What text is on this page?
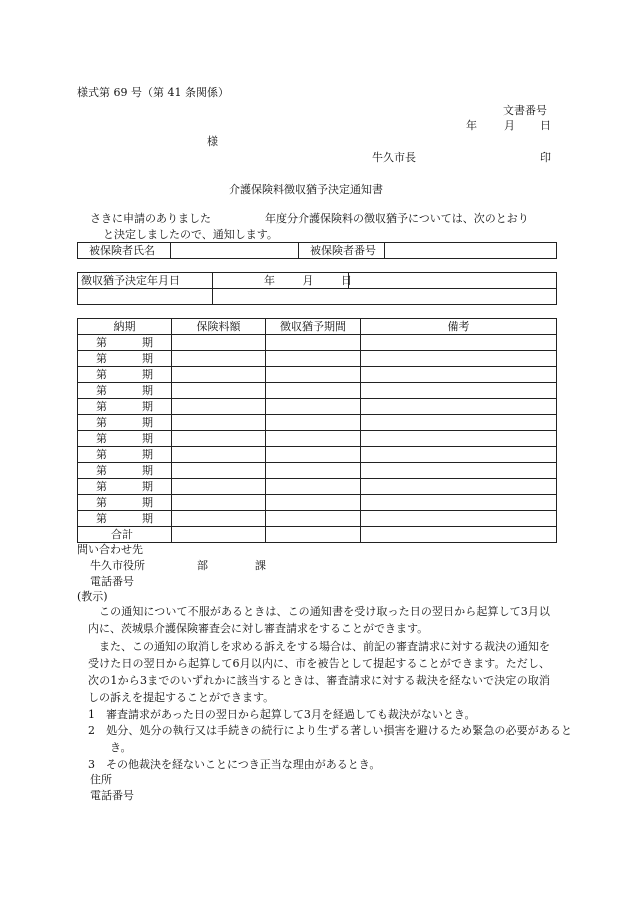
様式第 69 号（第 41 条関係）
文書番号
年 月 日
様
牛久市長	印
介護保険料徴収猶予決定通知書
さきに申請のありました	年度分介護保険料の徴収猶予については、次のとおり
と決定しましたので、通知します。
被保険者氏名		被保険者番号	
徴収猶予決定年月日	年 月 日	

納期	保険料額	徴収猶予期間	備考
第 期			
第 期			
第 期			
第 期			
第 期			
第 期			
第 期			
第 期			
第 期			
第 期			
第 期			
第 期			
合計			
問い合わせ先
牛久市役所	部	課
電話番号
(教示)
この通知について不服があるときは、この通知書を受け取った日の翌日から起算して3月以内に、茨城県介護保険審査会に対し審査請求をすることができます。
また、この通知の取消しを求める訴えをする場合は、前記の審査請求に対する裁決の通知を受けた日の翌日から起算して6月以内に、市を被告として提起することができます。ただし、次の1から3までのいずれかに該当するときは、審査請求に対する裁決を経ないで決定の取消しの訴えを提起することができます。
1　審査請求があった日の翌日から起算して3月を経過しても裁決がないとき。
2　処分、処分の執行又は手続きの続行により生ずる著しい損害を避けるため緊急の必要があるとき。
3　その他裁決を経ないことにつき正当な理由があるとき。
住所
電話番号
